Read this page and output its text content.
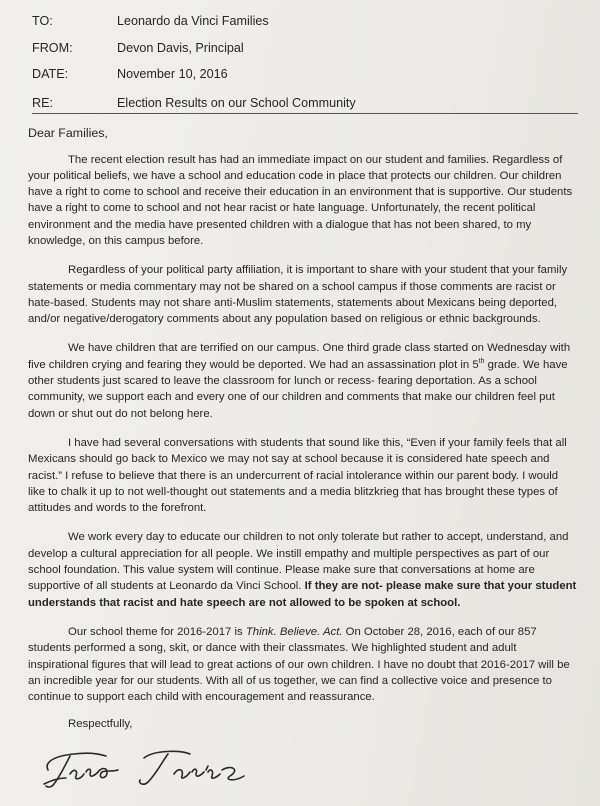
TO:	Leonardo da Vinci Families
FROM:	Devon Davis, Principal
DATE:	November 10, 2016
RE:	Election Results on our School Community
Dear Families,

The recent election result has had an immediate impact on our student and families. Regardless of your political beliefs, we have a school and education code in place that protects our children. Our children have a right to come to school and receive their education in an environment that is supportive. Our students have a right to come to school and not hear racist or hate language. Unfortunately, the recent political environment and the media have presented children with a dialogue that has not been shared, to my knowledge, on this campus before.

Regardless of your political party affiliation, it is important to share with your student that your family statements or media commentary may not be shared on a school campus if those comments are racist or hate-based. Students may not share anti-Muslim statements, statements about Mexicans being deported, and/or negative/derogatory comments about any population based on religious or ethnic backgrounds.

We have children that are terrified on our campus. One third grade class started on Wednesday with five children crying and fearing they would be deported. We had an assassination plot in 5th grade. We have other students just scared to leave the classroom for lunch or recess- fearing deportation. As a school community, we support each and every one of our children and comments that make our children feel put down or shut out do not belong here.

I have had several conversations with students that sound like this, “Even if your family feels that all Mexicans should go back to Mexico we may not say at school because it is considered hate speech and racist.” I refuse to believe that there is an undercurrent of racial intolerance within our parent body. I would like to chalk it up to not well-thought out statements and a media blitzkrieg that has brought these types of attitudes and words to the forefront.

We work every day to educate our children to not only tolerate but rather to accept, understand, and develop a cultural appreciation for all people. We instill empathy and multiple perspectives as part of our school foundation. This value system will continue. Please make sure that conversations at home are supportive of all students at Leonardo da Vinci School. If they are not- please make sure that your student understands that racist and hate speech are not allowed to be spoken at school.

Our school theme for 2016-2017 is Think. Believe. Act. On October 28, 2016, each of our 857 students performed a song, skit, or dance with their classmates. We highlighted student and adult inspirational figures that will lead to great actions of our own children. I have no doubt that 2016-2017 will be an incredible year for our students. With all of us together, we can find a collective voice and presence to continue to support each child with encouragement and reassurance.

Respectfully,
